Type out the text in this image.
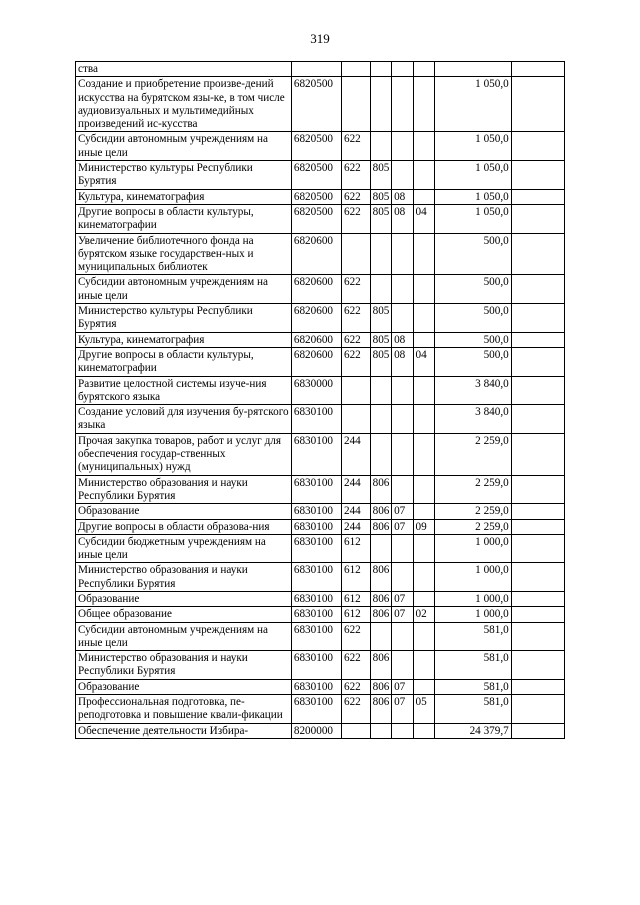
319
ства							
Создание и приобретение произве-дений искусства на бурятском язы-ке, в том числе аудиовизуальных и мультимедийных произведений ис-кусства	6820500					1 050,0	
Субсидии автономным учреждениям на иные цели	6820500	622				1 050,0	
Министерство культуры Республики Бурятия	6820500	622	805			1 050,0	
Культура, кинематография	6820500	622	805	08		1 050,0	
Другие вопросы в области культуры, кинематографии	6820500	622	805	08	04	1 050,0	
Увеличение библиотечного фонда на бурятском языке государствен-ных и муниципальных библиотек	6820600					500,0	
Субсидии автономным учреждениям на иные цели	6820600	622				500,0	
Министерство культуры Республики Бурятия	6820600	622	805			500,0	
Культура, кинематография	6820600	622	805	08		500,0	
Другие вопросы в области культуры, кинематографии	6820600	622	805	08	04	500,0	
Развитие целостной системы изуче-ния бурятского языка	6830000					3 840,0	
Создание условий для изучения бу-рятского языка	6830100					3 840,0	
Прочая закупка товаров, работ и услуг для обеспечения государ-ственных (муниципальных) нужд	6830100	244				2 259,0	
Министерство образования и науки Республики Бурятия	6830100	244	806			2 259,0	
Образование	6830100	244	806	07		2 259,0	
Другие вопросы в области образова-ния	6830100	244	806	07	09	2 259,0	
Субсидии бюджетным учреждениям на иные цели	6830100	612				1 000,0	
Министерство образования и науки Республики Бурятия	6830100	612	806			1 000,0	
Образование	6830100	612	806	07		1 000,0	
Общее образование	6830100	612	806	07	02	1 000,0	
Субсидии автономным учреждениям на иные цели	6830100	622				581,0	
Министерство образования и науки Республики Бурятия	6830100	622	806			581,0	
Образование	6830100	622	806	07		581,0	
Профессиональная подготовка, пе-реподготовка и повышение квали-фикации	6830100	622	806	07	05	581,0	
Обеспечение деятельности Избира-	8200000					24 379,7	
